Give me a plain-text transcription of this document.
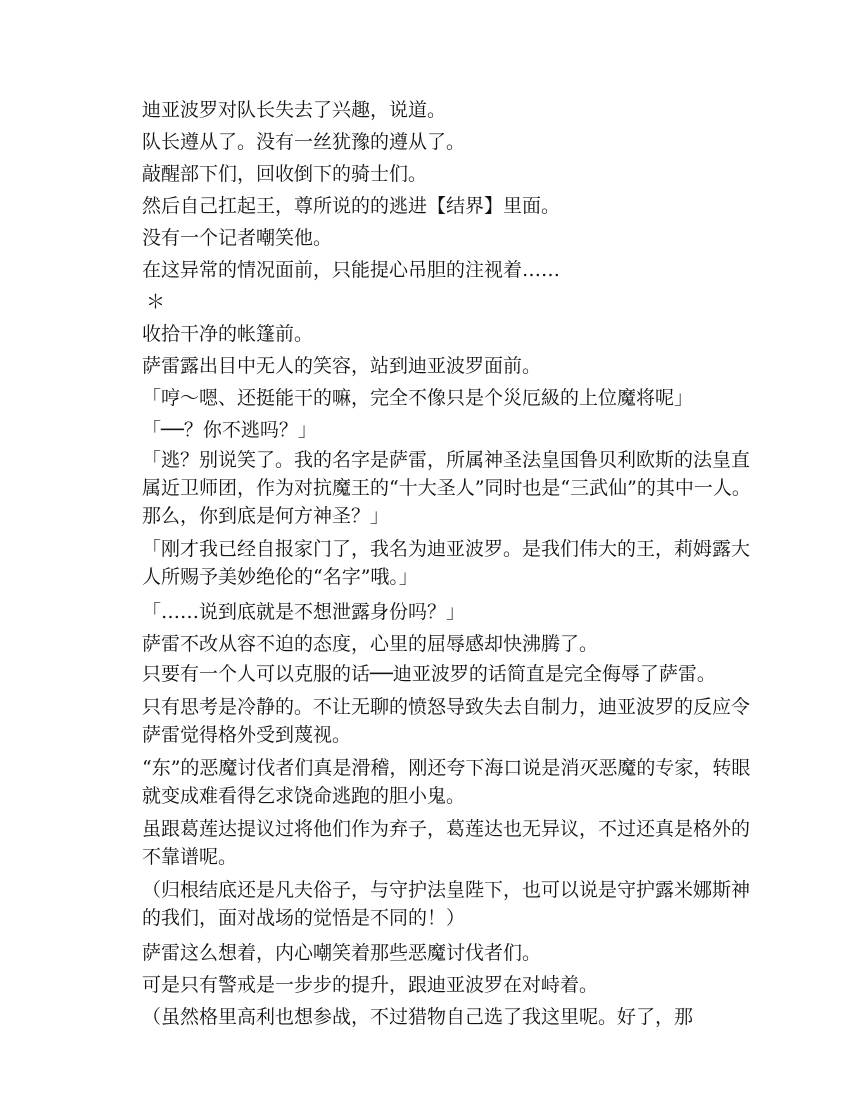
迪亚波罗对队长失去了兴趣，说道。

队长遵从了。没有一丝犹豫的遵从了。

敲醒部下们，回收倒下的骑士们。

然后自己扛起王，尊所说的的逃进【结界】里面。

没有一个记者嘲笑他。

在这异常的情况面前，只能提心吊胆的注视着……

＊

收拾干净的帐篷前。

萨雷露出目中无人的笑容，站到迪亚波罗面前。

「哼～嗯、还挺能干的嘛，完全不像只是个災厄級的上位魔将呢」

「──？你不逃吗？」

「逃？别说笑了。我的名字是萨雷，所属神圣法皇国鲁贝利欧斯的法皇直属近卫师团，作为对抗魔王的“十大圣人”同时也是“三武仙”的其中一人。那么，你到底是何方神圣？」

「刚才我已经自报家门了，我名为迪亚波罗。是我们伟大的王，莉姆露大人所赐予美妙绝伦的“名字”哦。」

「……说到底就是不想泄露身份吗？」

萨雷不改从容不迫的态度，心里的屈辱感却快沸腾了。

只要有一个人可以克服的话──迪亚波罗的话简直是完全侮辱了萨雷。

只有思考是冷静的。不让无聊的愤怒导致失去自制力，迪亚波罗的反应令萨雷觉得格外受到蔑视。

“东”的恶魔讨伐者们真是滑稽，刚还夸下海口说是消灭恶魔的专家，转眼就变成难看得乞求饶命逃跑的胆小鬼。

虽跟葛莲达提议过将他们作为弃子，葛莲达也无异议，不过还真是格外的不靠谱呢。

（归根结底还是凡夫俗子，与守护法皇陛下，也可以说是守护露米娜斯神的我们，面对战场的觉悟是不同的！）

萨雷这么想着，内心嘲笑着那些恶魔讨伐者们。

可是只有警戒是一步步的提升，跟迪亚波罗在对峙着。

（虽然格里高利也想参战，不过猎物自己选了我这里呢。好了，那
